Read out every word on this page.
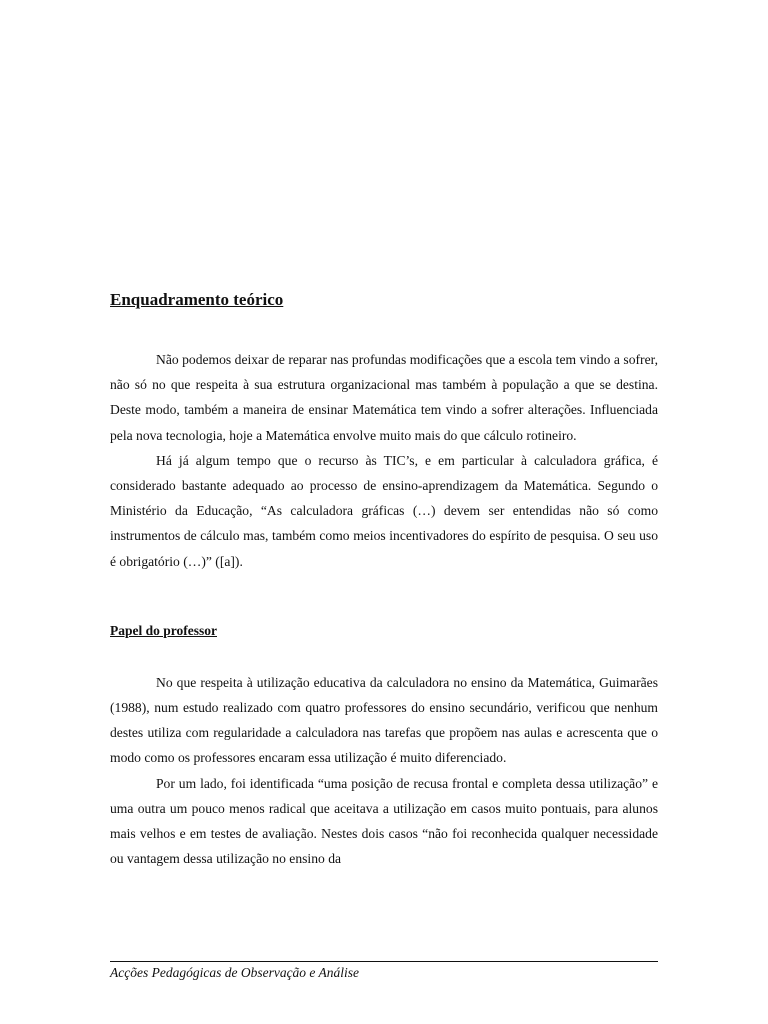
Enquadramento teórico

Não podemos deixar de reparar nas profundas modificações que a escola tem vindo a sofrer, não só no que respeita à sua estrutura organizacional mas também à população a que se destina. Deste modo, também a maneira de ensinar Matemática tem vindo a sofrer alterações. Influenciada pela nova tecnologia, hoje a Matemática envolve muito mais do que cálculo rotineiro.

Há já algum tempo que o recurso às TIC’s, e em particular à calculadora gráfica, é considerado bastante adequado ao processo de ensino-aprendizagem da Matemática. Segundo o Ministério da Educação, “As calculadora gráficas (…) devem ser entendidas não só como instrumentos de cálculo mas, também como meios incentivadores do espírito de pesquisa. O seu uso é obrigatório (…)” ([a]).

Papel do professor

No que respeita à utilização educativa da calculadora no ensino da Matemática, Guimarães (1988), num estudo realizado com quatro professores do ensino secundário, verificou que nenhum destes utiliza com regularidade a calculadora nas tarefas que propõem nas aulas e acrescenta que o modo como os professores encaram essa utilização é muito diferenciado.

Por um lado, foi identificada “uma posição de recusa frontal e completa dessa utilização” e uma outra um pouco menos radical que aceitava a utilização em casos muito pontuais, para alunos mais velhos e em testes de avaliação. Nestes dois casos “não foi reconhecida qualquer necessidade ou vantagem dessa utilização no ensino da

Acções Pedagógicas de Observação e Análise
